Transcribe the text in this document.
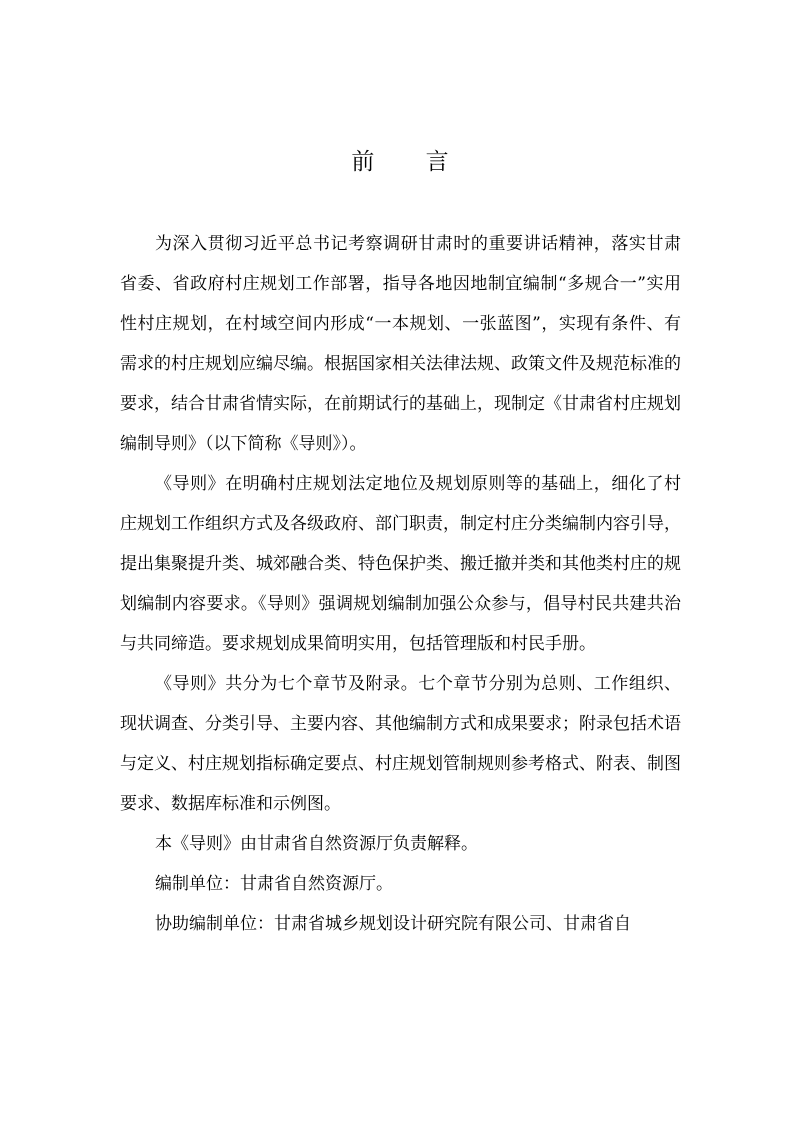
前 言

为深入贯彻习近平总书记考察调研甘肃时的重要讲话精神，落实甘肃省委、省政府村庄规划工作部署，指导各地因地制宜编制“多规合一”实用性村庄规划，在村域空间内形成“一本规划、一张蓝图”，实现有条件、有需求的村庄规划应编尽编。根据国家相关法律法规、政策文件及规范标准的要求，结合甘肃省情实际，在前期试行的基础上，现制定《甘肃省村庄规划编制导则》（以下简称《导则》）。

《导则》在明确村庄规划法定地位及规划原则等的基础上，细化了村庄规划工作组织方式及各级政府、部门职责，制定村庄分类编制内容引导，提出集聚提升类、城郊融合类、特色保护类、搬迁撤并类和其他类村庄的规划编制内容要求。《导则》强调规划编制加强公众参与，倡导村民共建共治与共同缔造。要求规划成果简明实用，包括管理版和村民手册。

《导则》共分为七个章节及附录。七个章节分别为总则、工作组织、现状调查、分类引导、主要内容、其他编制方式和成果要求；附录包括术语与定义、村庄规划指标确定要点、村庄规划管制规则参考格式、附表、制图要求、数据库标准和示例图。

本《导则》由甘肃省自然资源厅负责解释。

编制单位：甘肃省自然资源厅。

协助编制单位：甘肃省城乡规划设计研究院有限公司、甘肃省自
